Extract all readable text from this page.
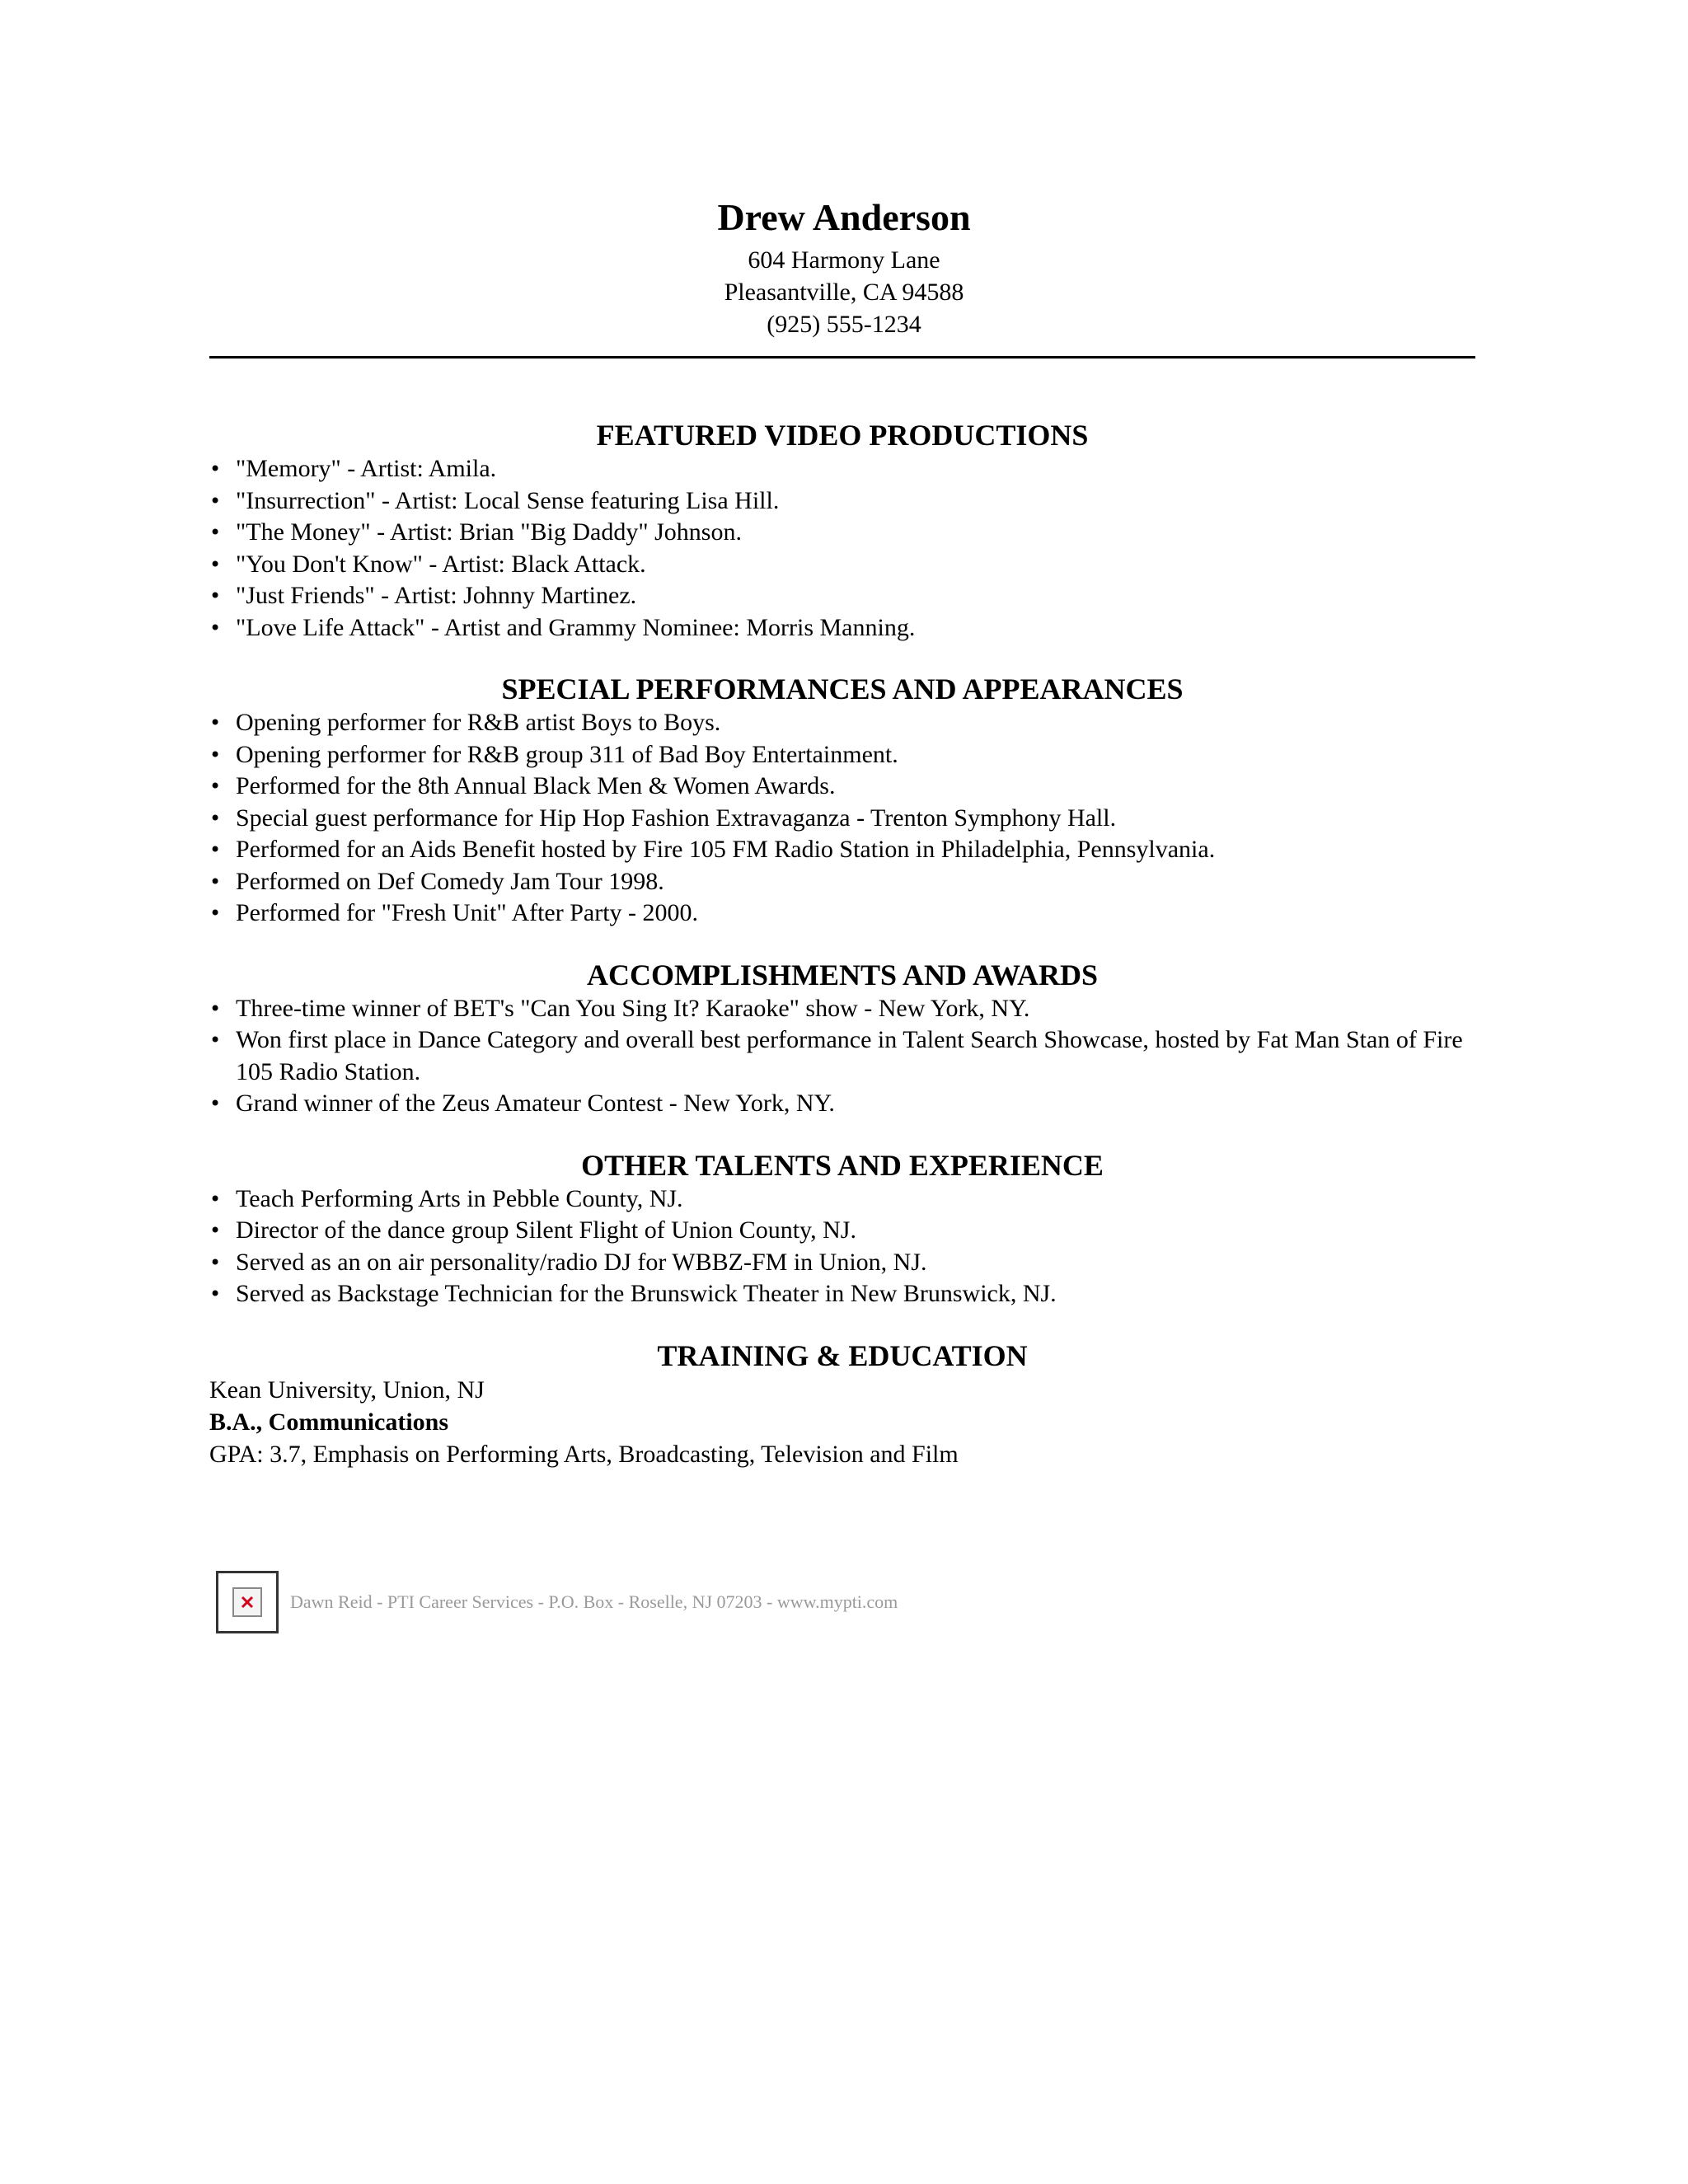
Drew Anderson

604 Harmony Lane

Pleasantville, CA 94588

(925) 555-1234

FEATURED VIDEO PRODUCTIONS

• "Memory" - Artist: Amila.
• "Insurrection" - Artist: Local Sense featuring Lisa Hill.
• "The Money" - Artist: Brian "Big Daddy" Johnson.
• "You Don't Know" - Artist: Black Attack.
• "Just Friends" - Artist: Johnny Martinez.
• "Love Life Attack" - Artist and Grammy Nominee: Morris Manning.

SPECIAL PERFORMANCES AND APPEARANCES

• Opening performer for R&B artist Boys to Boys.
• Opening performer for R&B group 311 of Bad Boy Entertainment.
• Performed for the 8th Annual Black Men & Women Awards.
• Special guest performance for Hip Hop Fashion Extravaganza - Trenton Symphony Hall.
• Performed for an Aids Benefit hosted by Fire 105 FM Radio Station in Philadelphia, Pennsylvania.
• Performed on Def Comedy Jam Tour 1998.
• Performed for "Fresh Unit" After Party - 2000.

ACCOMPLISHMENTS AND AWARDS

• Three-time winner of BET's "Can You Sing It? Karaoke" show - New York, NY.
• Won first place in Dance Category and overall best performance in Talent Search Showcase, hosted by Fat Man Stan of Fire 105 Radio Station.
• Grand winner of the Zeus Amateur Contest - New York, NY.

OTHER TALENTS AND EXPERIENCE

• Teach Performing Arts in Pebble County, NJ.
• Director of the dance group Silent Flight of Union County, NJ.
• Served as an on air personality/radio DJ for WBBZ-FM in Union, NJ.
• Served as Backstage Technician for the Brunswick Theater in New Brunswick, NJ.

TRAINING & EDUCATION

Kean University, Union, NJ

B.A., Communications

GPA: 3.7, Emphasis on Performing Arts, Broadcasting, Television and Film

Dawn Reid - PTI Career Services - P.O. Box - Roselle, NJ 07203 - www.mypti.com
